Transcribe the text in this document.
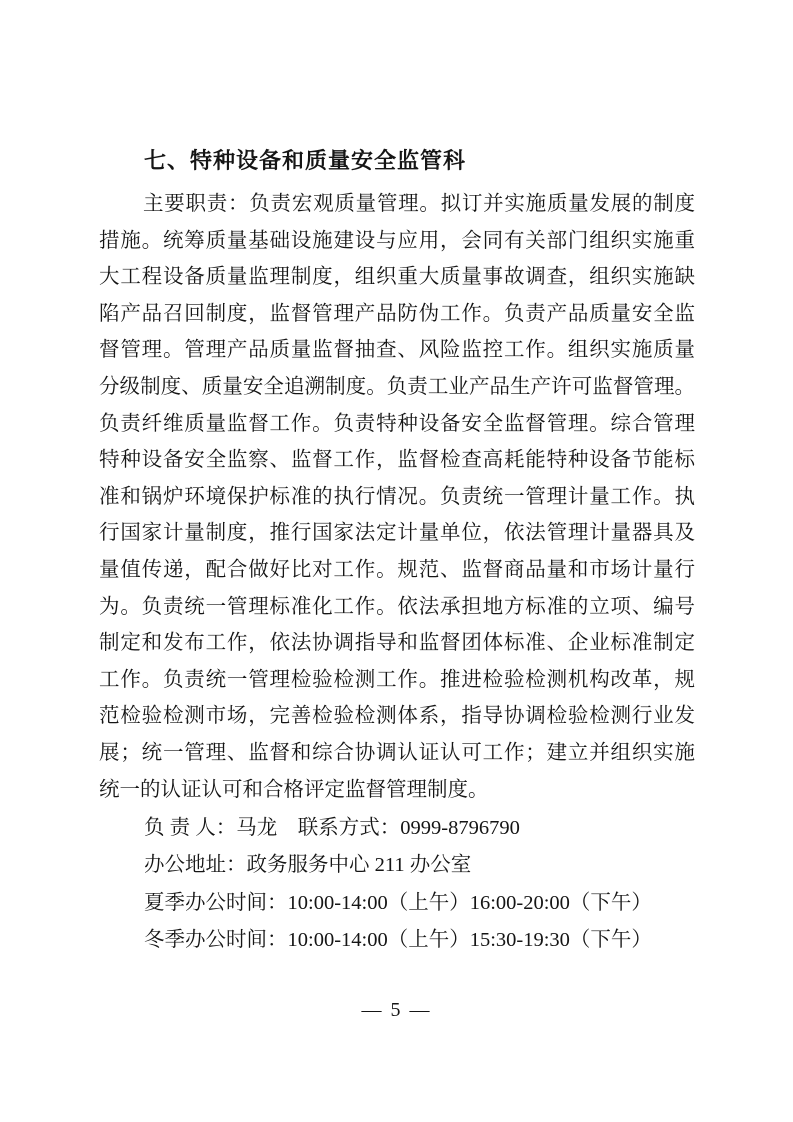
七、特种设备和质量安全监管科
主要职责：负责宏观质量管理。拟订并实施质量发展的制度
措施。统筹质量基础设施建设与应用，会同有关部门组织实施重
大工程设备质量监理制度，组织重大质量事故调查，组织实施缺
陷产品召回制度，监督管理产品防伪工作。负责产品质量安全监
督管理。管理产品质量监督抽查、风险监控工作。组织实施质量
分级制度、质量安全追溯制度。负责工业产品生产许可监督管理。
负责纤维质量监督工作。负责特种设备安全监督管理。综合管理
特种设备安全监察、监督工作，监督检查高耗能特种设备节能标
准和锅炉环境保护标准的执行情况。负责统一管理计量工作。执
行国家计量制度，推行国家法定计量单位，依法管理计量器具及
量值传递，配合做好比对工作。规范、监督商品量和市场计量行
为。负责统一管理标准化工作。依法承担地方标准的立项、编号
制定和发布工作，依法协调指导和监督团体标准、企业标准制定
工作。负责统一管理检验检测工作。推进检验检测机构改革，规
范检验检测市场，完善检验检测体系，指导协调检验检测行业发
展；统一管理、监督和综合协调认证认可工作；建立并组织实施
统一的认证认可和合格评定监督管理制度。
负 责 人：马龙　联系方式：0999-8796790
办公地址：政务服务中心 211 办公室
夏季办公时间：10:00-14:00（上午）16:00-20:00（下午）
冬季办公时间：10:00-14:00（上午）15:30-19:30（下午）
— 5 —
